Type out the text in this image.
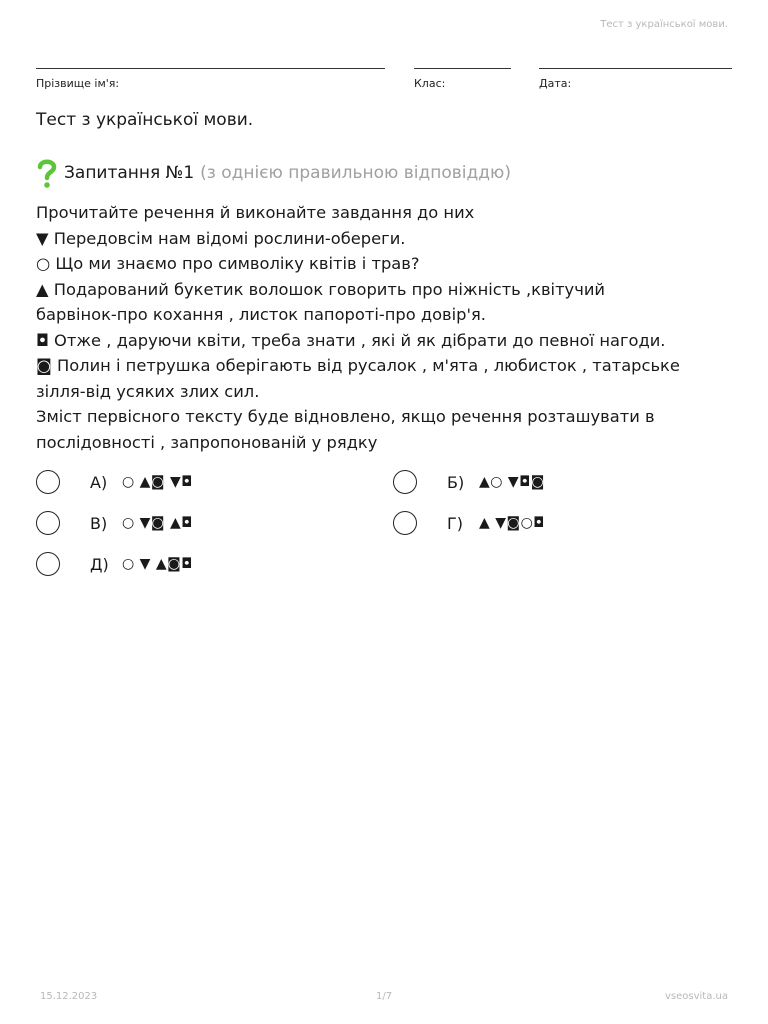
Тест з української мови.
Прізвище ім'я:	Клас:	Дата:
Тест з української мови.
Запитання №1 (з однією правильною відповіддю)

Прочитайте речення й виконайте завдання до них

▼ Передовсім нам відомі рослини-обереги.

○ Що ми знаємо про символіку квітів і трав?

▲ Подарований букетик волошок говорить про ніжність ,квітучий

барвінок-про кохання , листок папороті-про довір'я.

◘ Отже , даруючи квіти, треба знати , які й як дібрати до певної нагоди.

◙ Полин і петрушка оберігають від русалок , м'ята , любисток , татарське

зілля-від усяких злих сил.

Зміст первісного тексту буде відновлено, якщо речення розташувати в

послідовності , запропонованій у рядку

А)	○ ▲◙ ▼◘	Б)	▲○ ▼◘◙
В)	○ ▼◙ ▲◘	Г)	▲ ▼◙○◘
Д) ○ ▼ ▲◙◘
15.12.2023	1/7	vseosvita.ua
